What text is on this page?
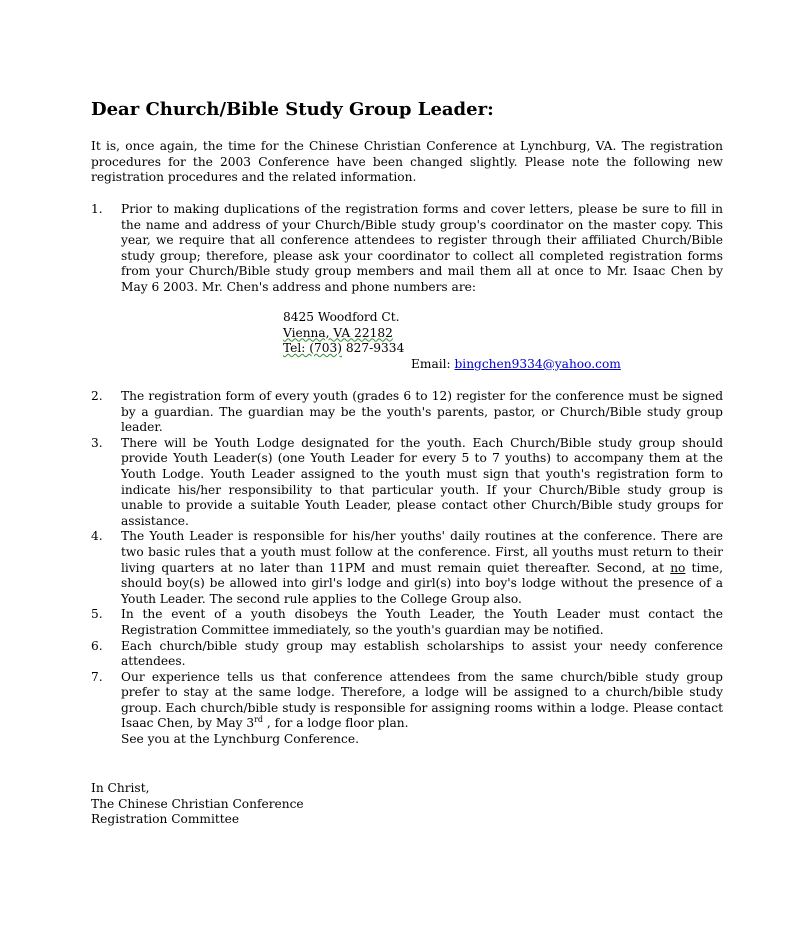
Dear Church/Bible Study Group Leader:

It is, once again, the time for the Chinese Christian Conference at Lynchburg, VA. The registration procedures for the 2003 Conference have been changed slightly. Please note the following new registration procedures and the related information.

1. Prior to making duplications of the registration forms and cover letters, please be sure to fill in the name and address of your Church/Bible study group's coordinator on the master copy. This year, we require that all conference attendees to register through their affiliated Church/Bible study group; therefore, please ask your coordinator to collect all completed registration forms from your Church/Bible study group members and mail them all at once to Mr. Isaac Chen by May 6 2003. Mr. Chen's address and phone numbers are:

8425 Woodford Ct.
Vienna, VA 22182
Tel: (703) 827-9334
Email: bingchen9334@yahoo.com

2. The registration form of every youth (grades 6 to 12) register for the conference must be signed by a guardian. The guardian may be the youth's parents, pastor, or Church/Bible study group leader.

3. There will be Youth Lodge designated for the youth. Each Church/Bible study group should provide Youth Leader(s) (one Youth Leader for every 5 to 7 youths) to accompany them at the Youth Lodge. Youth Leader assigned to the youth must sign that youth's registration form to indicate his/her responsibility to that particular youth. If your Church/Bible study group is unable to provide a suitable Youth Leader, please contact other Church/Bible study groups for assistance.

4. The Youth Leader is responsible for his/her youths' daily routines at the conference. There are two basic rules that a youth must follow at the conference. First, all youths must return to their living quarters at no later than 11PM and must remain quiet thereafter. Second, at no time, should boy(s) be allowed into girl's lodge and girl(s) into boy's lodge without the presence of a Youth Leader. The second rule applies to the College Group also.

5. In the event of a youth disobeys the Youth Leader, the Youth Leader must contact the Registration Committee immediately, so the youth's guardian may be notified.

6. Each church/bible study group may establish scholarships to assist your needy conference attendees.

7. Our experience tells us that conference attendees from the same church/bible study group prefer to stay at the same lodge. Therefore, a lodge will be assigned to a church/bible study group. Each church/bible study is responsible for assigning rooms within a lodge. Please contact Isaac Chen, by May 3rd , for a lodge floor plan.
See you at the Lynchburg Conference.

In Christ,
The Chinese Christian Conference
Registration Committee
